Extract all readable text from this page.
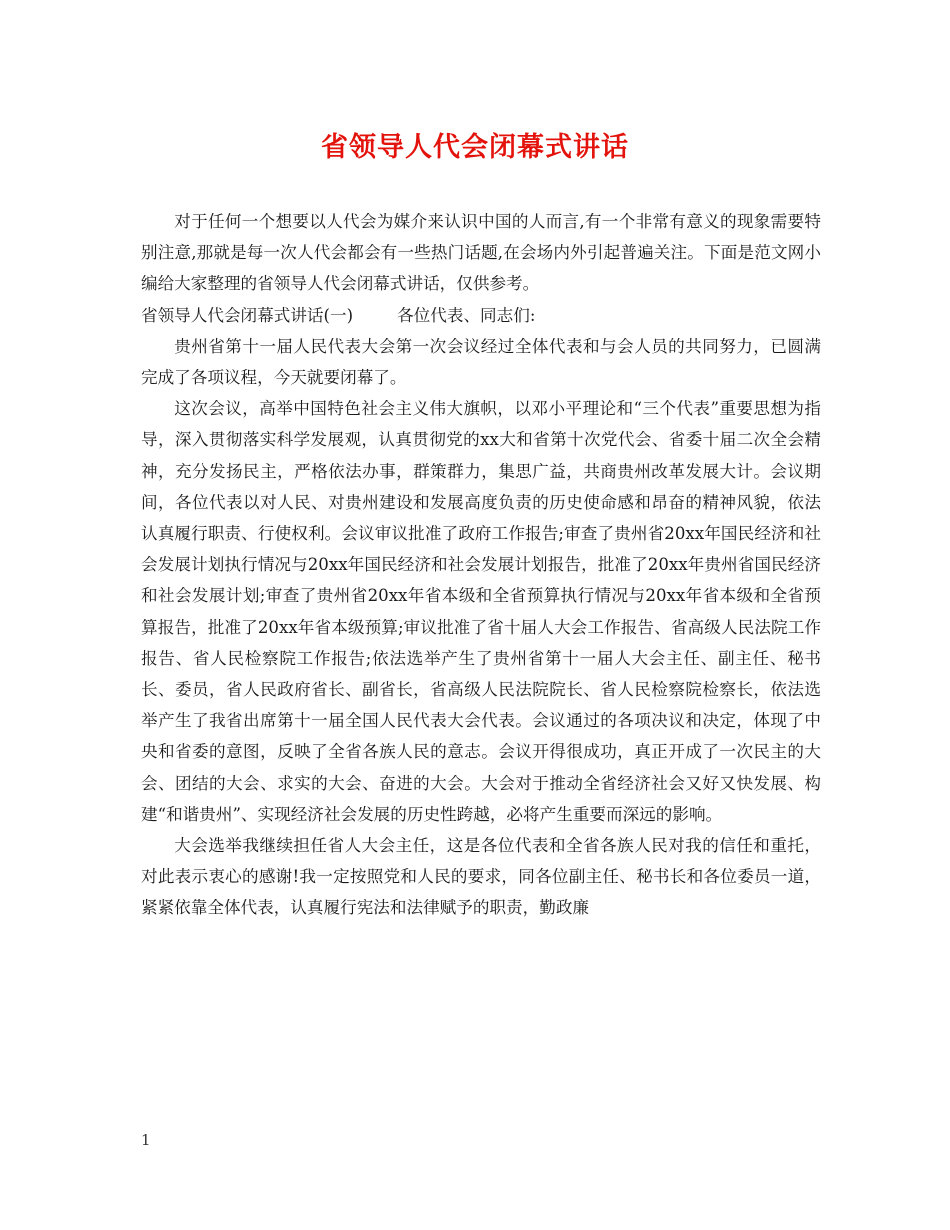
省领导人代会闭幕式讲话

对于任何一个想要以人代会为媒介来认识中国的人而言,有一个非常有意义的现象需要特别注意,那就是每一次人代会都会有一些热门话题,在会场内外引起普遍关注。下面是范文网小编给大家整理的省领导人代会闭幕式讲话，仅供参考。

省领导人代会闭幕式讲话(一)	各位代表、同志们:

贵州省第十一届人民代表大会第一次会议经过全体代表和与会人员的共同努力，已圆满完成了各项议程，今天就要闭幕了。

这次会议，高举中国特色社会主义伟大旗帜，以邓小平理论和“三个代表”重要思想为指导，深入贯彻落实科学发展观，认真贯彻党的xx大和省第十次党代会、省委十届二次全会精神，充分发扬民主，严格依法办事，群策群力，集思广益，共商贵州改革发展大计。会议期间，各位代表以对人民、对贵州建设和发展高度负责的历史使命感和昂奋的精神风貌，依法认真履行职责、行使权利。会议审议批准了政府工作报告;审查了贵州省20xx年国民经济和社会发展计划执行情况与20xx年国民经济和社会发展计划报告，批准了20xx年贵州省国民经济和社会发展计划;审查了贵州省20xx年省本级和全省预算执行情况与20xx年省本级和全省预算报告，批准了20xx年省本级预算;审议批准了省十届人大会工作报告、省高级人民法院工作报告、省人民检察院工作报告;依法选举产生了贵州省第十一届人大会主任、副主任、秘书长、委员，省人民政府省长、副省长，省高级人民法院院长、省人民检察院检察长，依法选举产生了我省出席第十一届全国人民代表大会代表。会议通过的各项决议和决定，体现了中央和省委的意图，反映了全省各族人民的意志。会议开得很成功，真正开成了一次民主的大会、团结的大会、求实的大会、奋进的大会。大会对于推动全省经济社会又好又快发展、构建“和谐贵州”、实现经济社会发展的历史性跨越，必将产生重要而深远的影响。

大会选举我继续担任省人大会主任，这是各位代表和全省各族人民对我的信任和重托，对此表示衷心的感谢!我一定按照党和人民的要求，同各位副主任、秘书长和各位委员一道，紧紧依靠全体代表，认真履行宪法和法律赋予的职责，勤政廉

1
